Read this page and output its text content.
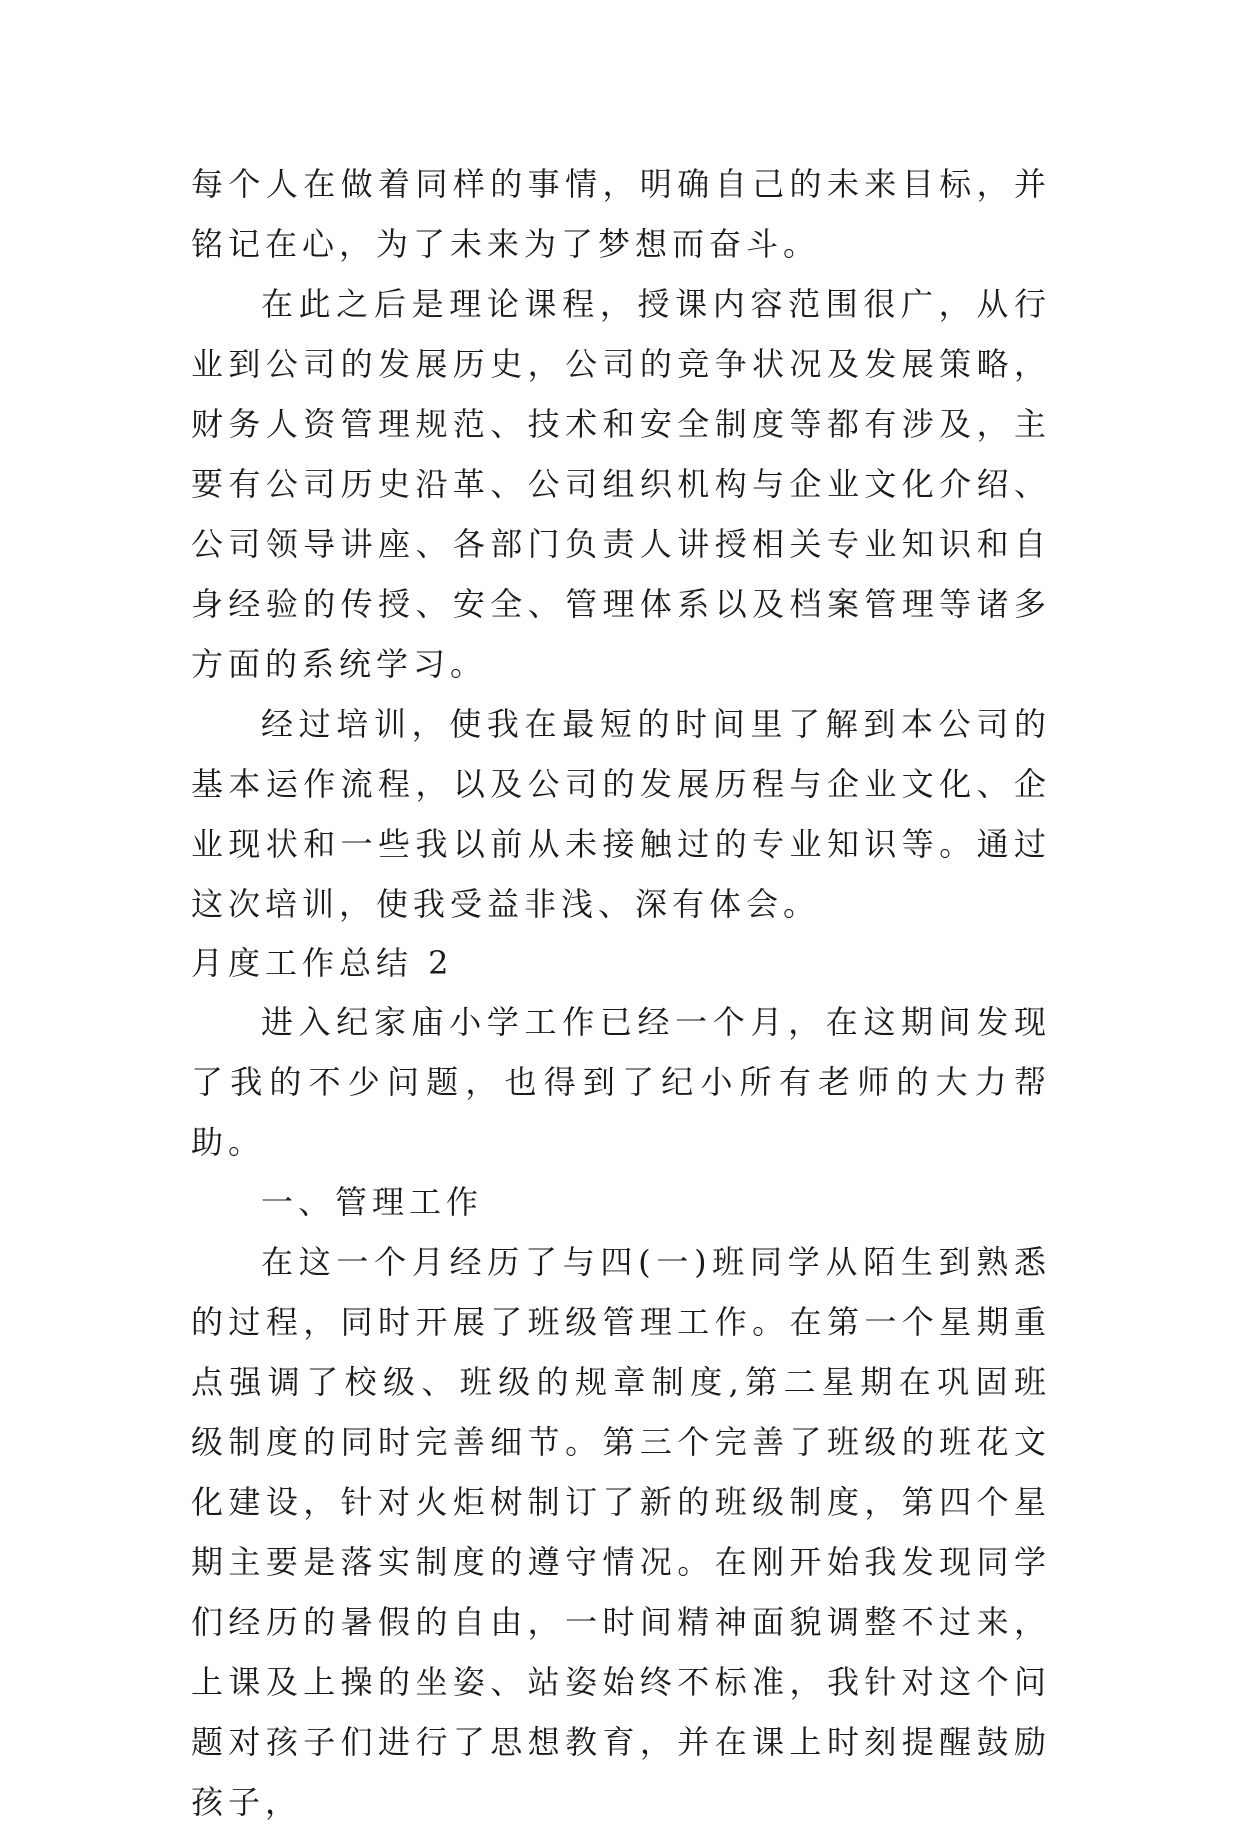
每个人在做着同样的事情，明确自己的未来目标，并铭记在心，为了未来为了梦想而奋斗。

在此之后是理论课程，授课内容范围很广，从行业到公司的发展历史，公司的竞争状况及发展策略，财务人资管理规范、技术和安全制度等都有涉及，主要有公司历史沿革、公司组织机构与企业文化介绍、公司领导讲座、各部门负责人讲授相关专业知识和自身经验的传授、安全、管理体系以及档案管理等诸多方面的系统学习。

经过培训，使我在最短的时间里了解到本公司的基本运作流程，以及公司的发展历程与企业文化、企业现状和一些我以前从未接触过的专业知识等。通过这次培训，使我受益非浅、深有体会。

月度工作总结 2

进入纪家庙小学工作已经一个月，在这期间发现了我的不少问题，也得到了纪小所有老师的大力帮助。

一、管理工作

在这一个月经历了与四(一)班同学从陌生到熟悉的过程，同时开展了班级管理工作。在第一个星期重点强调了校级、班级的规章制度,第二星期在巩固班级制度的同时完善细节。第三个完善了班级的班花文化建设，针对火炬树制订了新的班级制度，第四个星期主要是落实制度的遵守情况。在刚开始我发现同学们经历的暑假的自由，一时间精神面貌调整不过来，上课及上操的坐姿、站姿始终不标准，我针对这个问题对孩子们进行了思想教育，并在课上时刻提醒鼓励孩子，
